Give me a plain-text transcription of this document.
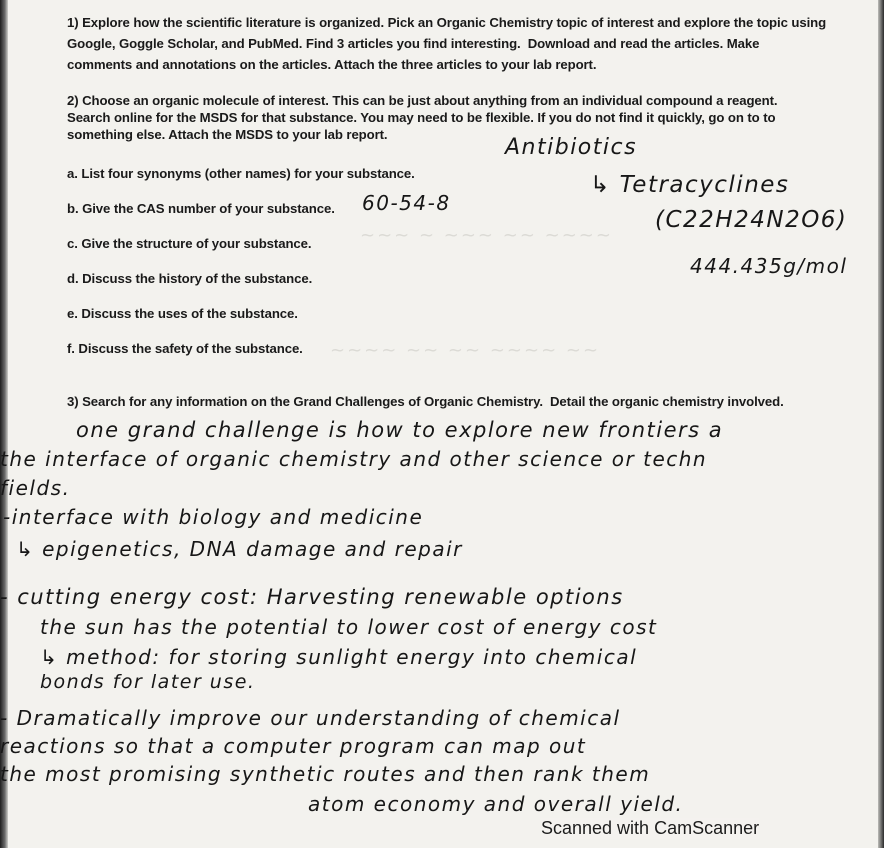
~~~ ~ ~~~ ~~ ~~~~
~~~~ ~~ ~~ ~~~~ ~~
1) Explore how the scientific literature is organized. Pick an Organic Chemistry topic of interest and explore the topic using
Google, Goggle Scholar, and PubMed. Find 3 articles you find interesting.  Download and read the articles. Make
comments and annotations on the articles. Attach the three articles to your lab report.
2) Choose an organic molecule of interest. This can be just about anything from an individual compound a reagent.
Search online for the MSDS for that substance. You may need to be flexible. If you do not find it quickly, go on to to
something else. Attach the MSDS to your lab report.
a. List four synonyms (other names) for your substance.
b. Give the CAS number of your substance.
c. Give the structure of your substance.
d. Discuss the history of the substance.
e. Discuss the uses of the substance.
f. Discuss the safety of the substance.
Antibiotics
↳ Tetracyclines
60-54-8
(C22H24N2O6)
444.435g/mol
3) Search for any information on the Grand Challenges of Organic Chemistry.  Detail the organic chemistry involved.
one grand challenge is how to explore new frontiers a
the interface of organic chemistry and other science or techn
fields.
-interface with biology and medicine
↳ epigenetics, DNA damage and repair
- cutting energy cost: Harvesting renewable options
the sun has the potential to lower cost of energy cost
↳ method: for storing sunlight energy into chemical
bonds for later use.
- Dramatically improve our understanding of chemical
reactions so that a computer program can map out
the most promising synthetic routes and then rank them
atom economy and overall yield.
Scanned with CamScanner
